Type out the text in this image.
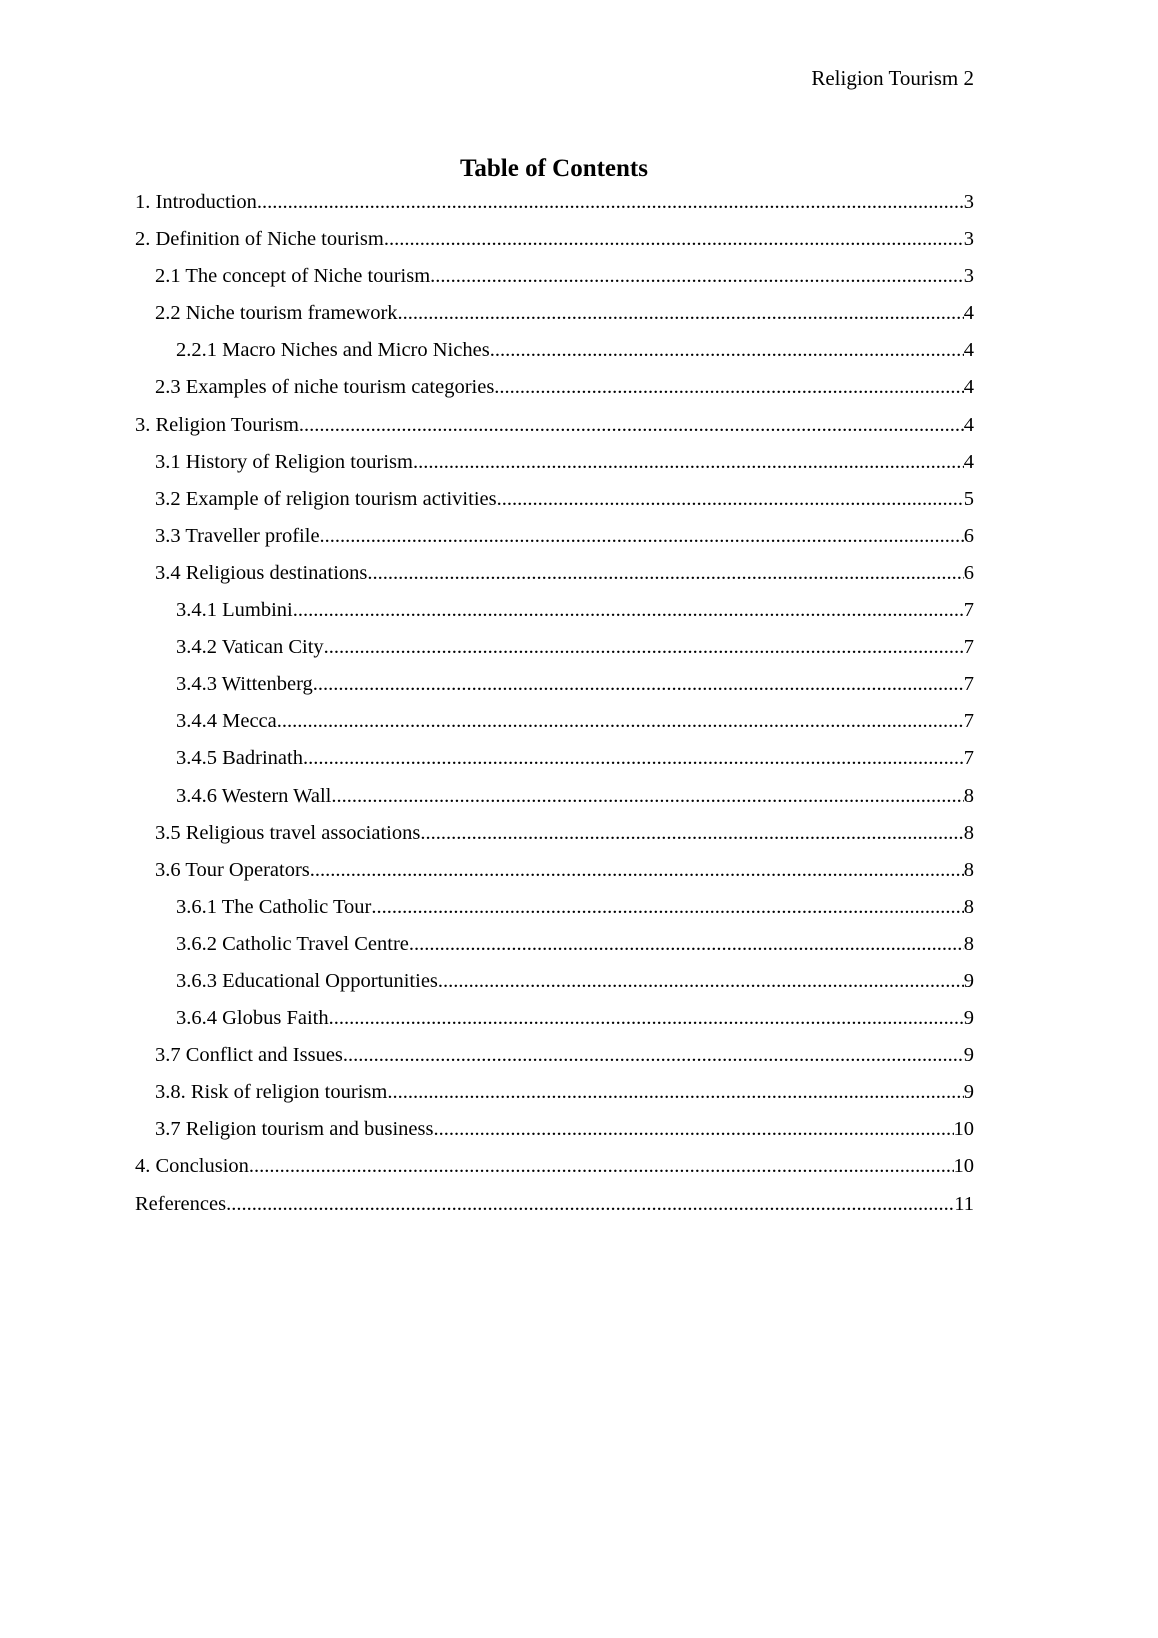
Religion Tourism 2
Table of Contents
1. Introduction .....	3
2. Definition of Niche tourism .....	3
2.1 The concept of Niche tourism .....	3
2.2 Niche tourism framework .....	4
2.2.1 Macro Niches and Micro Niches .....	4
2.3 Examples of niche tourism categories .....	4
3. Religion Tourism .....	4
3.1 History of Religion tourism .....	4
3.2 Example of religion tourism activities .....	5
3.3 Traveller profile .....	6
3.4 Religious destinations .....	6
3.4.1 Lumbini .....	7
3.4.2 Vatican City .....	7
3.4.3 Wittenberg .....	7
3.4.4 Mecca .....	7
3.4.5 Badrinath .....	7
3.4.6 Western Wall .....	8
3.5 Religious travel associations .....	8
3.6 Tour Operators .....	8
3.6.1 The Catholic Tour .....	8
3.6.2 Catholic Travel Centre .....	8
3.6.3 Educational Opportunities .....	9
3.6.4 Globus Faith .....	9
3.7 Conflict and Issues .....	9
3.8. Risk of religion tourism .....	9
3.7 Religion tourism and business .....	10
4. Conclusion .....	10
References .....	11
